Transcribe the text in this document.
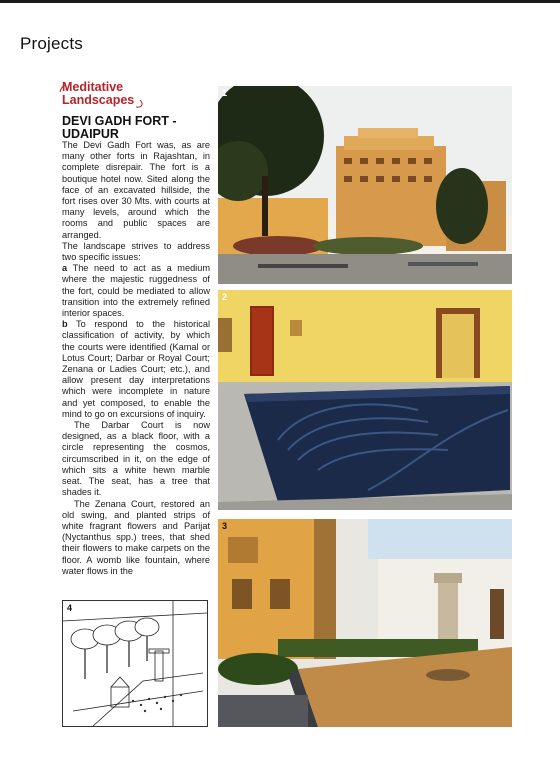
Projects
Meditative
Landscapes
DEVI GADH FORT -
UDAIPUR

The Devi Gadh Fort was, as are many other forts in Rajashtan, in complete disrepair. The fort is a boutique hotel now. Sited along the face of an excavated hillside, the fort rises over 30 Mts. with courts at many levels, around which the rooms and public spaces are arranged.

The landscape strives to address two specific issues:

a The need to act as a medium where the majestic ruggedness of the fort, could be mediated to allow transition into the extremely refined interior spaces.

b To respond to the historical classification of activity, by which the courts were identified (Kamal or Lotus Court; Darbar or Royal Court; Zenana or Ladies Court; etc.), and allow present day interpretations which were incomplete in nature and yet composed, to enable the mind to go on excursions of inquiry.

The Darbar Court is now designed, as a black floor, with a circle representing the cosmos, circumscribed in it, on the edge of which sits a white hewn marble seat. The seat, has a tree that shades it.

The Zenana Court, restored an old swing, and planted strips of white fragrant flowers and Parijat (Nyctanthus spp.) trees, that shed their flowers to make carpets on the floor. A womb like fountain, where water flows in the

1
2
3
4
